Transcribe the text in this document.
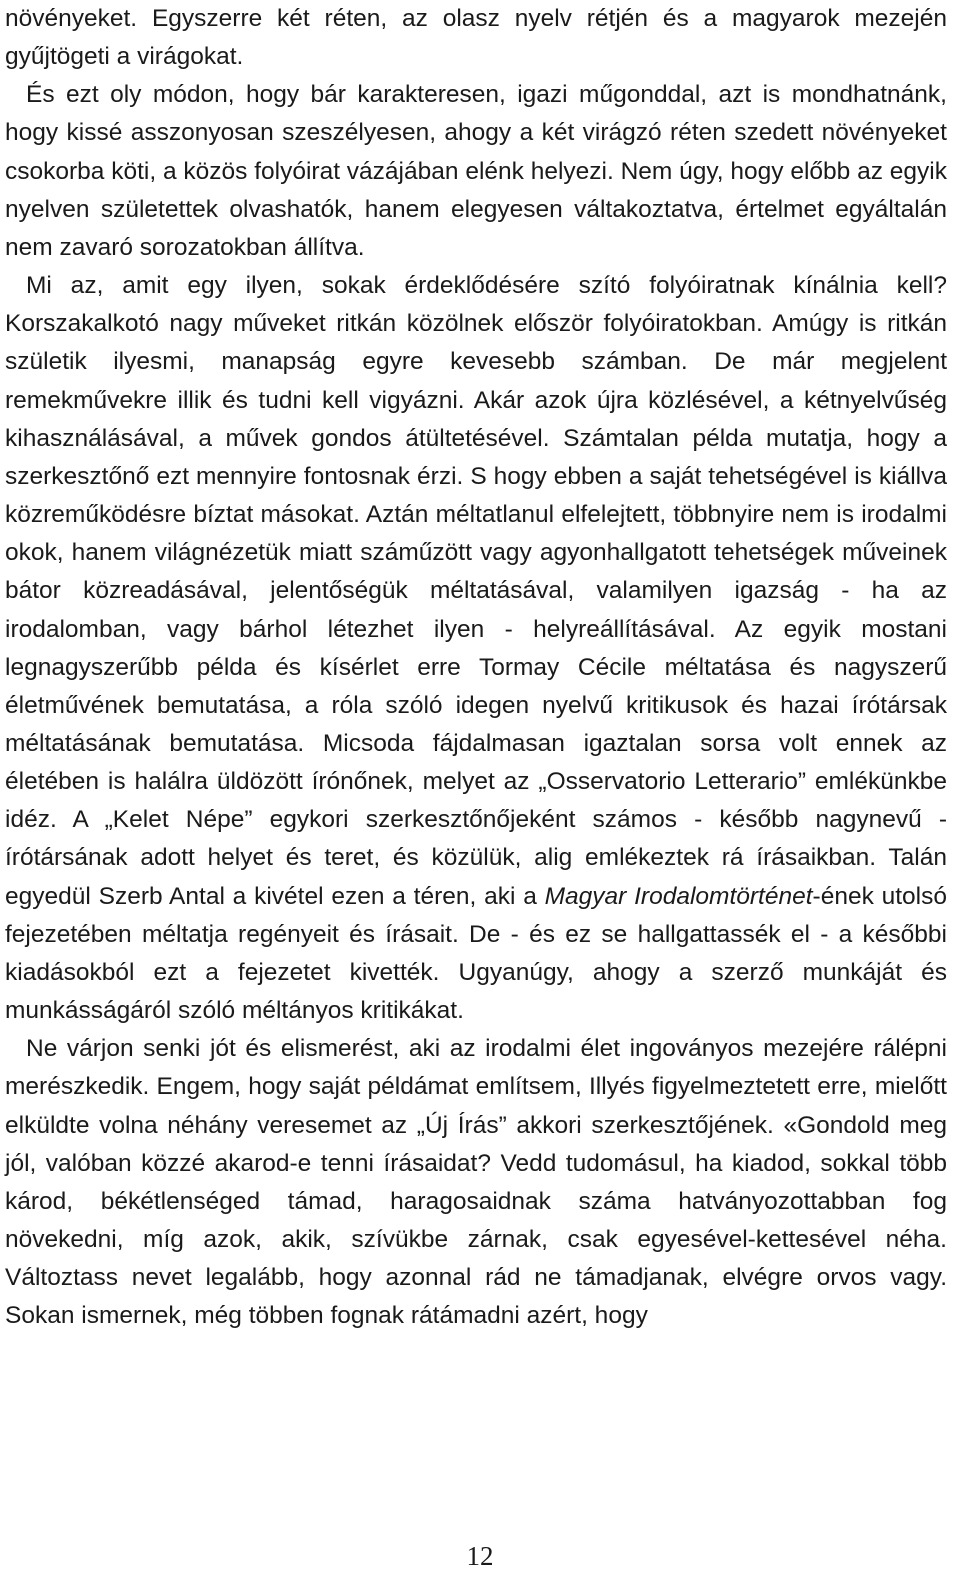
növényeket. Egyszerre két réten, az olasz nyelv rétjén és a magyarok mezején gyűjtögeti a virágokat.

És ezt oly módon, hogy bár karakteresen, igazi műgonddal, azt is mondhatnánk, hogy kissé asszonyosan szeszélyesen, ahogy a két virágzó réten szedett növényeket csokorba köti, a közös folyóirat vázájában elénk helyezi. Nem úgy, hogy előbb az egyik nyelven születettek olvashatók, hanem elegyesen váltakoztatva, értelmet egyáltalán nem zavaró sorozatokban állítva.

Mi az, amit egy ilyen, sokak érdeklődésére szító folyóiratnak kínálnia kell? Korszakalkotó nagy műveket ritkán közölnek először folyóiratokban. Amúgy is ritkán születik ilyesmi, manapság egyre kevesebb számban. De már megjelent remekművekre illik és tudni kell vigyázni. Akár azok újra közlésével, a kétnyelvűség kihasználásával, a művek gondos átültetésével. Számtalan példa mutatja, hogy a szerkesztőnő ezt mennyire fontosnak érzi. S hogy ebben a saját tehetségével is kiállva közreműködésre bíztat másokat. Aztán méltatlanul elfelejtett, többnyire nem is irodalmi okok, hanem világnézetük miatt száműzött vagy agyonhallgatott tehetségek műveinek bátor közreadásával, jelentőségük méltatásával, valamilyen igazság - ha az irodalomban, vagy bárhol létezhet ilyen - helyreállításával. Az egyik mostani legnagyszerűbb példa és kísérlet erre Tormay Cécile méltatása és nagyszerű életművének bemutatása, a róla szóló idegen nyelvű kritikusok és hazai írótársak méltatásának bemutatása. Micsoda fájdalmasan igaztalan sorsa volt ennek az életében is halálra üldözött írónőnek, melyet az „Osservatorio Letterario” emlékünkbe idéz. A „Kelet Népe” egykori szerkesztőnőjeként számos - később nagynevű - írótársának adott helyet és teret, és közülük, alig emlékeztek rá írásaikban. Talán egyedül Szerb Antal a kivétel ezen a téren, aki a Magyar Irodalomtörténet-ének utolsó fejezetében méltatja regényeit és írásait. De - és ez se hallgattassék el - a későbbi kiadásokból ezt a fejezetet kivették. Ugyanúgy, ahogy a szerző munkáját és munkásságáról szóló méltányos kritikákat.

Ne várjon senki jót és elismerést, aki az irodalmi élet ingoványos mezejére rálépni merészkedik. Engem, hogy saját példámat említsem, Illyés figyelmeztetett erre, mielőtt elküldte volna néhány veresemet az „Új Írás” akkori szerkesztőjének. «Gondold meg jól, valóban közzé akarod-e tenni írásaidat? Vedd tudomásul, ha kiadod, sokkal több károd, békétlenséged támad, haragosaidnak száma hatványozottabban fog növekedni, míg azok, akik, szívükbe zárnak, csak egyesével-kettesével néha. Változtass nevet legalább, hogy azonnal rád ne támadjanak, elvégre orvos vagy. Sokan ismernek, még többen fognak rátámadni azért, hogy

12
